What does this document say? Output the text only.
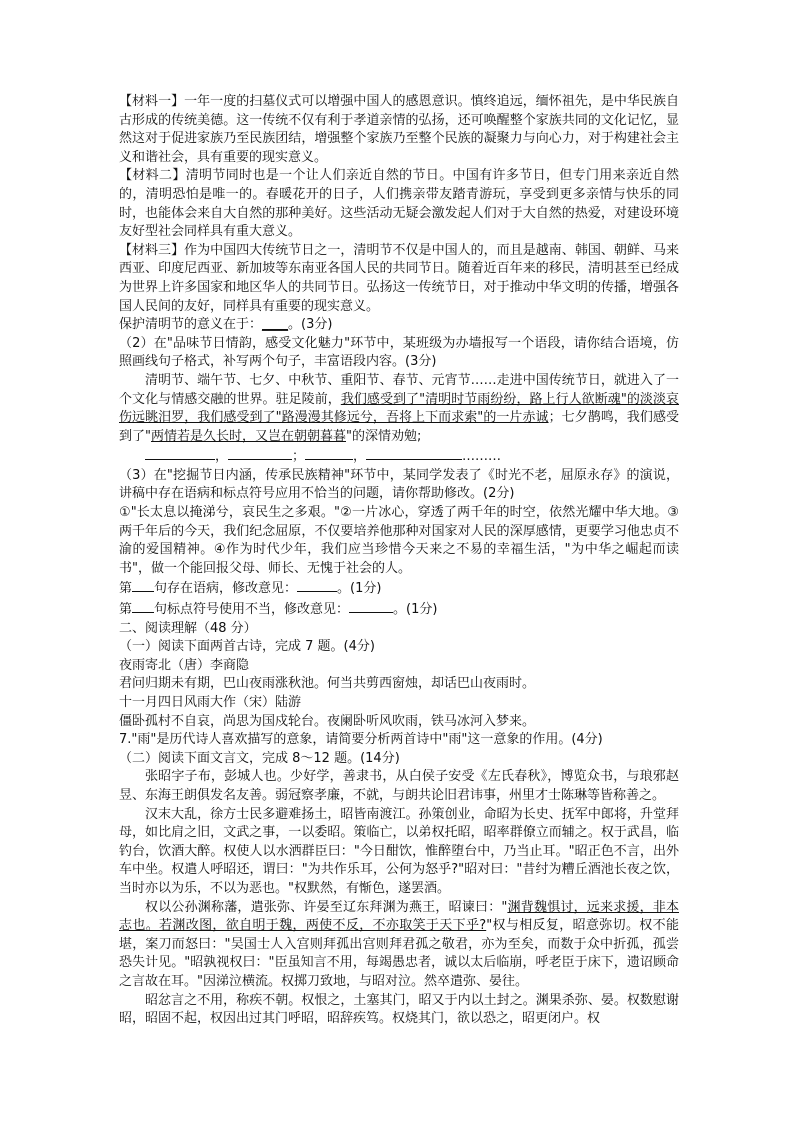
【材料一】一年一度的扫墓仪式可以增强中国人的感恩意识。慎终追远，缅怀祖先，是中华民族自古形成的传统美德。这一传统不仅有利于孝道亲情的弘扬，还可唤醒整个家族共同的文化记忆，显然这对于促进家族乃至民族团结，增强整个家族乃至整个民族的凝聚力与向心力，对于构建社会主义和谐社会，具有重要的现实意义。

【材料二】清明节同时也是一个让人们亲近自然的节日。中国有许多节日，但专门用来亲近自然的，清明恐怕是唯一的。春暖花开的日子，人们携亲带友踏青游玩，享受到更多亲情与快乐的同时，也能体会来自大自然的那种美好。这些活动无疑会激发起人们对于大自然的热爱，对建设环境友好型社会同样具有重大意义。

【材料三】作为中国四大传统节日之一，清明节不仅是中国人的，而且是越南、韩国、朝鲜、马来西亚、印度尼西亚、新加坡等东南亚各国人民的共同节日。随着近百年来的移民，清明甚至已经成为世界上许多国家和地区华人的共同节日。弘扬这一传统节日，对于推动中华文明的传播，增强各国人民间的友好，同样具有重要的现实意义。

保护清明节的意义在于：____。(3分)

（2）在"品味节日情韵，感受文化魅力"环节中，某班级为办墙报写一个语段，请你结合语境，仿照画线句子格式，补写两个句子，丰富语段内容。(3分)

清明节、端午节、七夕、中秋节、重阳节、春节、元宵节……走进中国传统节日，就进入了一个文化与情感交融的世界。驻足陵前，我们感受到了"清明时节雨纷纷，路上行人欲断魂"的淡淡哀伤远眺汨罗，我们感受到了"路漫漫其修远兮，吾将上下而求索"的一片赤诚；七夕鹊鸣，我们感受到了"两情若是久长时，又岂在朝朝暮暮"的深情劝勉;

，	；	，	………

（3）在"挖掘节日内涵，传承民族精神"环节中，某同学发表了《时光不老，屈原永存》的演说，讲稿中存在语病和标点符号应用不恰当的问题，请你帮助修改。(2分)

①"长太息以掩涕兮，哀民生之多艰。"②一片冰心，穿透了两千年的时空，依然光耀中华大地。③两千年后的今天，我们纪念屈原，不仅要培养他那种对国家对人民的深厚感情，更要学习他忠贞不渝的爱国精神。④作为时代少年，我们应当珍惜今天来之不易的幸福生活，"为中华之崛起而读书"，做一个能回报父母、师长、无愧于社会的人。

第 句存在语病，修改意见：	。(1分)

第 句标点符号使用不当，修改意见：	。(1分)

二、阅读理解（48 分）

（一）阅读下面两首古诗，完成 7 题。(4分)

夜雨寄北（唐）李商隐

君问归期未有期，巴山夜雨涨秋池。何当共剪西窗烛，却话巴山夜雨时。

十一月四日风雨大作（宋）陆游

僵卧孤村不自哀，尚思为国戍轮台。夜阑卧听风吹雨，铁马冰河入梦来。

7."雨"是历代诗人喜欢描写的意象，请简要分析两首诗中"雨"这一意象的作用。(4分)

（二）阅读下面文言文，完成 8～12 题。(14分)

张昭字子布，彭城人也。少好学，善隶书，从白侯子安受《左氏春秋》，博览众书，与琅邪赵昱、东海王朗俱发名友善。弱冠察孝廉，不就，与朗共论旧君讳事，州里才士陈琳等皆称善之。

汉末大乱，徐方士民多避难扬土，昭皆南渡江。孙策创业，命昭为长史、抚军中郎将，升堂拜母，如比肩之旧，文武之事，一以委昭。策临亡，以弟权托昭，昭率群僚立而辅之。权于武昌，临钓台，饮酒大醉。权使人以水洒群臣曰："今日酣饮，惟醉堕台中，乃当止耳。"昭正色不言，出外车中坐。权遣人呼昭还，谓曰："为共作乐耳，公何为怒乎?"昭对曰："昔纣为糟丘酒池长夜之饮，当时亦以为乐，不以为恶也。"权默然，有惭色，遂罢酒。

权以公孙渊称藩，遣张弥、许晏至辽东拜渊为燕王，昭谏曰："渊背魏惧讨，远来求援，非本志也。若渊改图，欲自明于魏，两使不反，不亦取笑于天下乎?"权与相反复，昭意弥切。权不能堪，案刀而怒曰："吴国士人入宫则拜孤出宫则拜君孤之敬君，亦为至矣，而数于众中折孤，孤尝恐失计见。"昭孰视权曰："臣虽知言不用，每竭愚忠者，诚以太后临崩，呼老臣于床下，遗诏顾命之言故在耳。"因涕泣横流。权掷刀致地，与昭对泣。然卒遣弥、晏往。

昭忿言之不用，称疾不朝。权恨之，土塞其门，昭又于内以土封之。渊果杀弥、晏。权数慰谢昭，昭固不起，权因出过其门呼昭，昭辞疾笃。权烧其门，欲以恐之，昭更闭户。权
